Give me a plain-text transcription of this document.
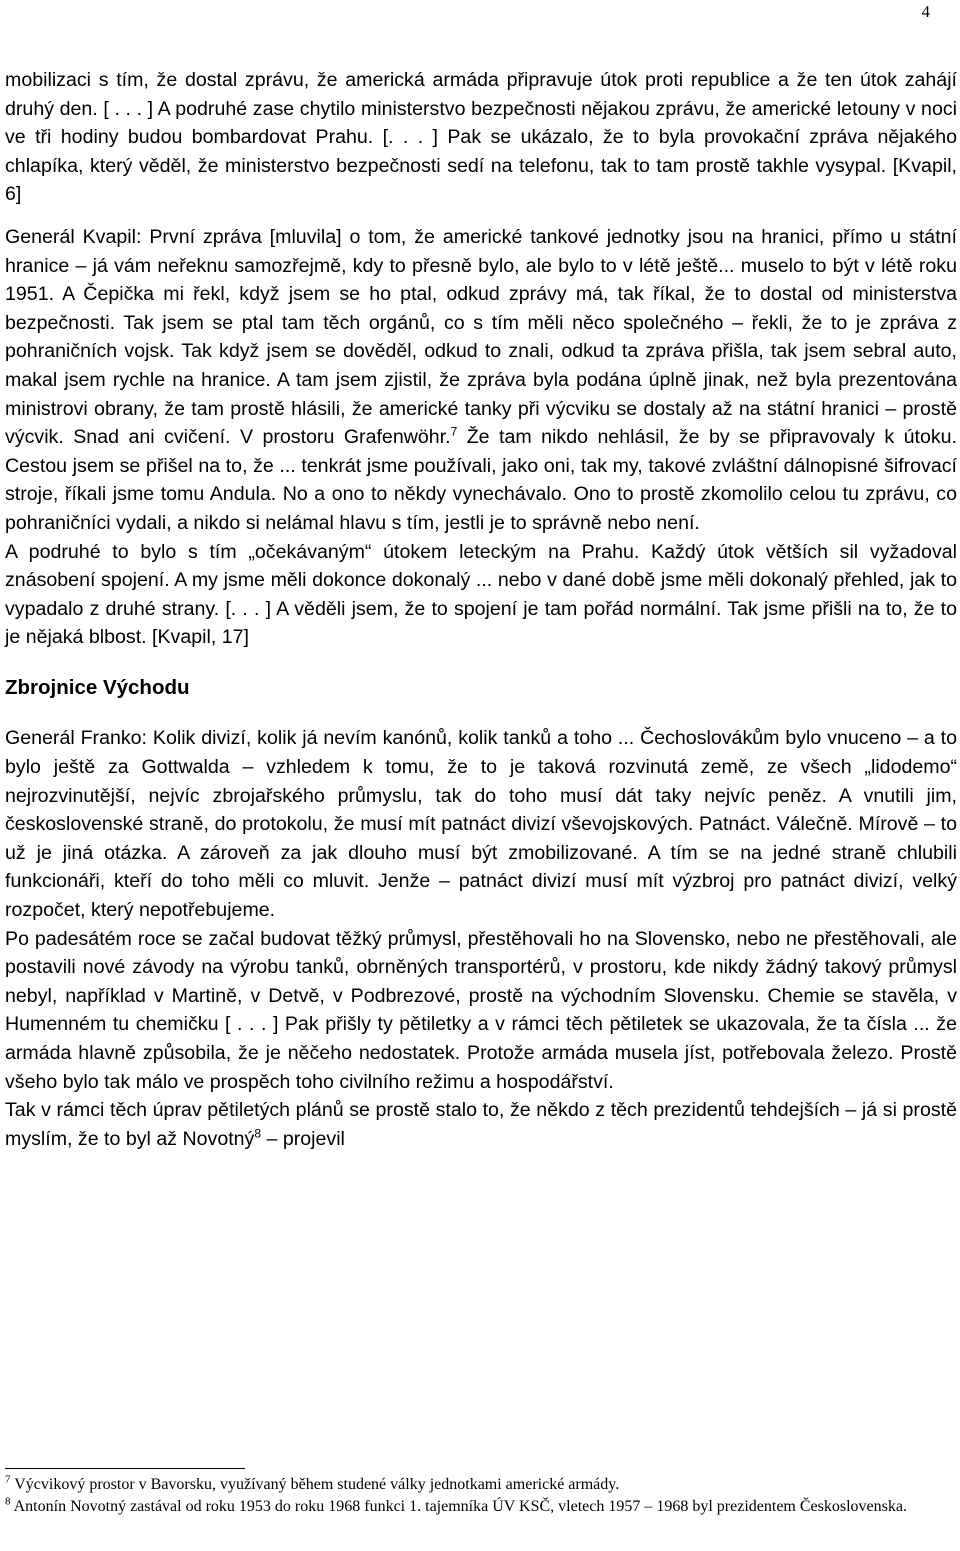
4

mobilizaci s tím, že dostal zprávu, že americká armáda připravuje útok proti republice a že ten útok zahájí druhý den. [ . . . ] A podruhé zase chytilo ministerstvo bezpečnosti nějakou zprávu, že americké letouny v noci ve tři hodiny budou bombardovat Prahu. [. . . ] Pak se ukázalo, že to byla provokační zpráva nějakého chlapíka, který věděl, že ministerstvo bezpečnosti sedí na telefonu, tak to tam prostě takhle vysypal. [Kvapil, 6]

Generál Kvapil: První zpráva [mluvila] o tom, že americké tankové jednotky jsou na hranici, přímo u státní hranice – já vám neřeknu samozřejmě, kdy to přesně bylo, ale bylo to v létě ještě... muselo to být v létě roku 1951. A Čepička mi řekl, když jsem se ho ptal, odkud zprávy má, tak říkal, že to dostal od ministerstva bezpečnosti. Tak jsem se ptal tam těch orgánů, co s tím měli něco společného – řekli, že to je zpráva z pohraničních vojsk. Tak když jsem se dověděl, odkud to znali, odkud ta zpráva přišla, tak jsem sebral auto, makal jsem rychle na hranice. A tam jsem zjistil, že zpráva byla podána úplně jinak, než byla prezentována ministrovi obrany, že tam prostě hlásili, že americké tanky při výcviku se dostaly až na státní hranici – prostě výcvik. Snad ani cvičení. V prostoru Grafenwöhr.$^7$ Že tam nikdo nehlásil, že by se připravovaly k útoku. Cestou jsem se přišel na to, že ... tenkrát jsme používali, jako oni, tak my, takové zvláštní dálnopisné šifrovací stroje, říkali jsme tomu Andula. No a ono to někdy vynechávalo. Ono to prostě zkomolilo celou tu zprávu, co pohraničníci vydali, a nikdo si nelámal hlavu s tím, jestli je to správně nebo není.

A podruhé to bylo s tím „očekávaným“ útokem leteckým na Prahu. Každý útok větších sil vyžadoval znásobení spojení. A my jsme měli dokonce dokonalý ... nebo v dané době jsme měli dokonalý přehled, jak to vypadalo z druhé strany. [. . . ] A věděli jsem, že to spojení je tam pořád normální. Tak jsme přišli na to, že to je nějaká blbost. [Kvapil, 17]

Zbrojnice Východu

Generál Franko: Kolik divizí, kolik já nevím kanónů, kolik tanků a toho ... Čechoslovákům bylo vnuceno – a to bylo ještě za Gottwalda – vzhledem k tomu, že to je taková rozvinutá země, ze všech „lidodemo“ nejrozvinutější, nejvíc zbrojařského průmyslu, tak do toho musí dát taky nejvíc peněz. A vnutili jim, československé straně, do protokolu, že musí mít patnáct divizí vševojskových. Patnáct. Válečně. Mírově – to už je jiná otázka. A zároveň za jak dlouho musí být zmobilizované. A tím se na jedné straně chlubili funkcionáři, kteří do toho měli co mluvit. Jenže – patnáct divizí musí mít výzbroj pro patnáct divizí, velký rozpočet, který nepotřebujeme.

Po padesátém roce se začal budovat těžký průmysl, přestěhovali ho na Slovensko, nebo ne přestěhovali, ale postavili nové závody na výrobu tanků, obrněných transportérů, v prostoru, kde nikdy žádný takový průmysl nebyl, například v Martině, v Detvě, v Podbrezové, prostě na východním Slovensku. Chemie se stavěla, v Humenném tu chemičku [ . . . ] Pak přišly ty pětiletky a v rámci těch pětiletek se ukazovala, že ta čísla ... že armáda hlavně způsobila, že je něčeho nedostatek. Protože armáda musela jíst, potřebovala železo. Prostě všeho bylo tak málo ve prospěch toho civilního režimu a hospodářství.

Tak v rámci těch úprav pětiletých plánů se prostě stalo to, že někdo z těch prezidentů tehdejších – já si prostě myslím, že to byl až Novotný$^8$ – projevil

$^7$ Výcvikový prostor v Bavorsku, využívaný během studené války jednotkami americké armády.

$^8$ Antonín Novotný zastával od roku 1953 do roku 1968 funkci 1. tajemníka ÚV KSČ, vletech 1957 – 1968 byl prezidentem Československa.
